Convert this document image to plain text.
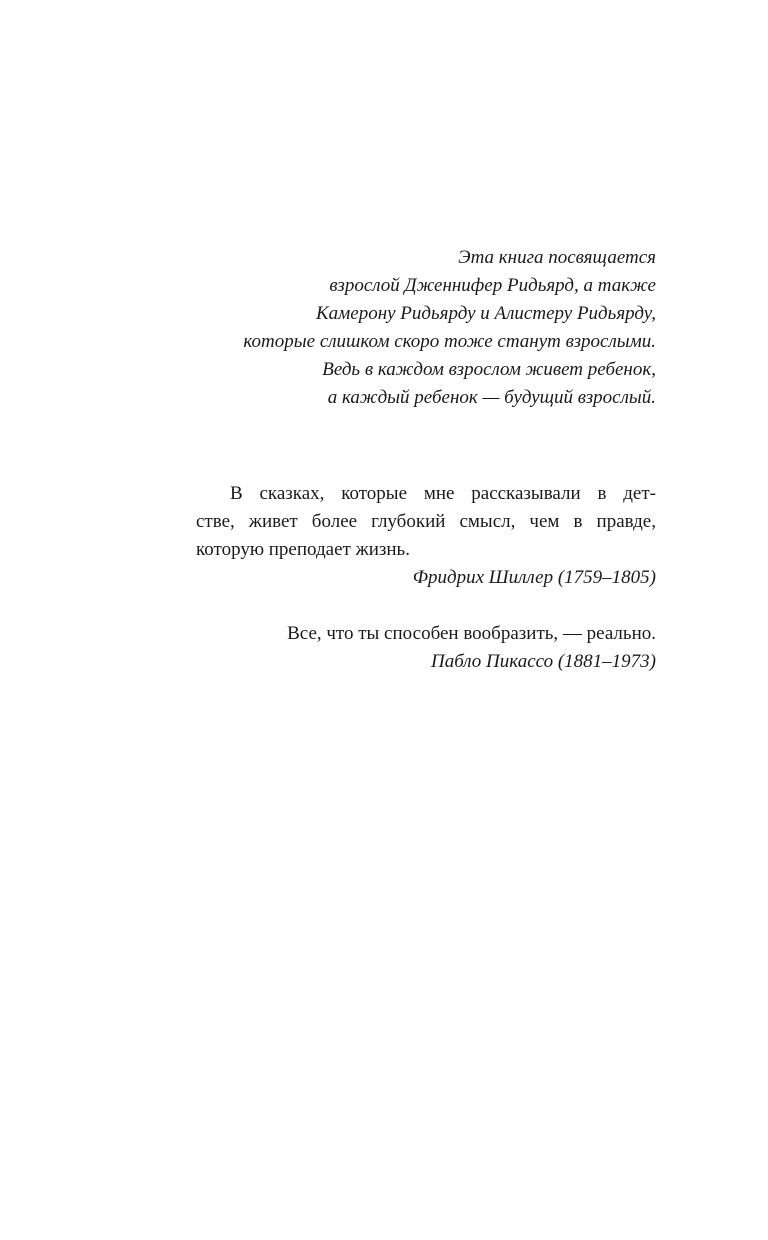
Эта книга посвящается
взрослой Дженнифер Ридьярд, а также
Камерону Ридьярду и Алистеру Ридьярду,
которые слишком скоро тоже станут взрослыми.
Ведь в каждом взрослом живет ребенок,
а каждый ребенок — будущий взрослый.
В сказках, которые мне рассказывали в дет-
стве, живет более глубокий смысл, чем в правде,
которую преподает жизнь.
Фридрих Шиллер (1759–1805)
Все, что ты способен вообразить, — реально.
Пабло Пикассо (1881–1973)
